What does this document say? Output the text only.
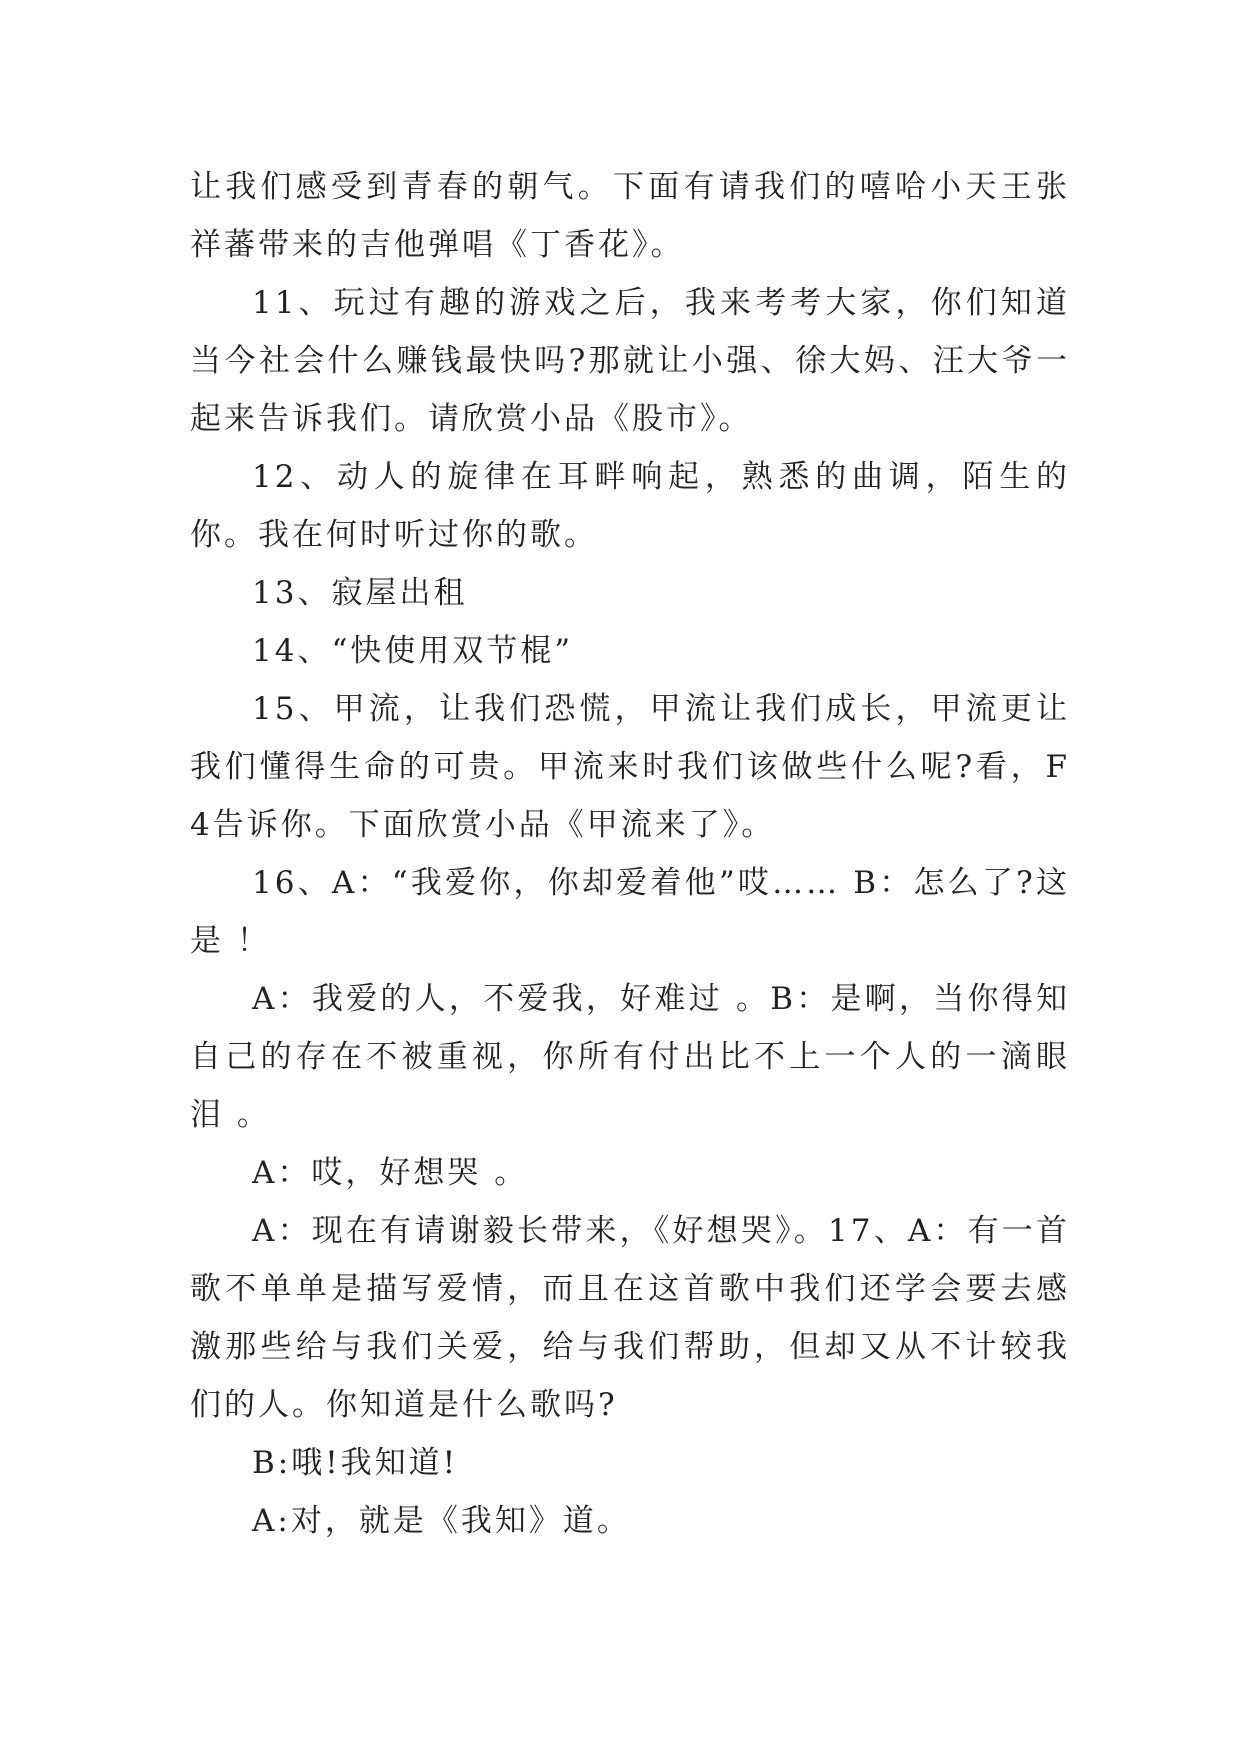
让我们感受到青春的朝气。下面有请我们的嘻哈小天王张祥蕃带来的吉他弹唱《丁香花》。

11、玩过有趣的游戏之后，我来考考大家，你们知道当今社会什么赚钱最快吗?那就让小强、徐大妈、汪大爷一起来告诉我们。请欣赏小品《股市》。

12、动人的旋律在耳畔响起，熟悉的曲调，陌生的你。我在何时听过你的歌。

13、寂屋出租

14、“快使用双节棍”

15、甲流，让我们恐慌，甲流让我们成长，甲流更让我们懂得生命的可贵。甲流来时我们该做些什么呢?看，F4告诉你。下面欣赏小品《甲流来了》。

16、A：“我爱你，你却爱着他”哎…… B：怎么了?这是 ！

A：我爱的人，不爱我，好难过 。B：是啊，当你得知自己的存在不被重视，你所有付出比不上一个人的一滴眼泪 。

A：哎，好想哭 。

A：现在有请谢毅长带来，《好想哭》。17、A：有一首歌不单单是描写爱情，而且在这首歌中我们还学会要去感激那些给与我们关爱，给与我们帮助，但却又从不计较我们的人。你知道是什么歌吗?

B:哦!我知道!

A:对，就是《我知》道。
